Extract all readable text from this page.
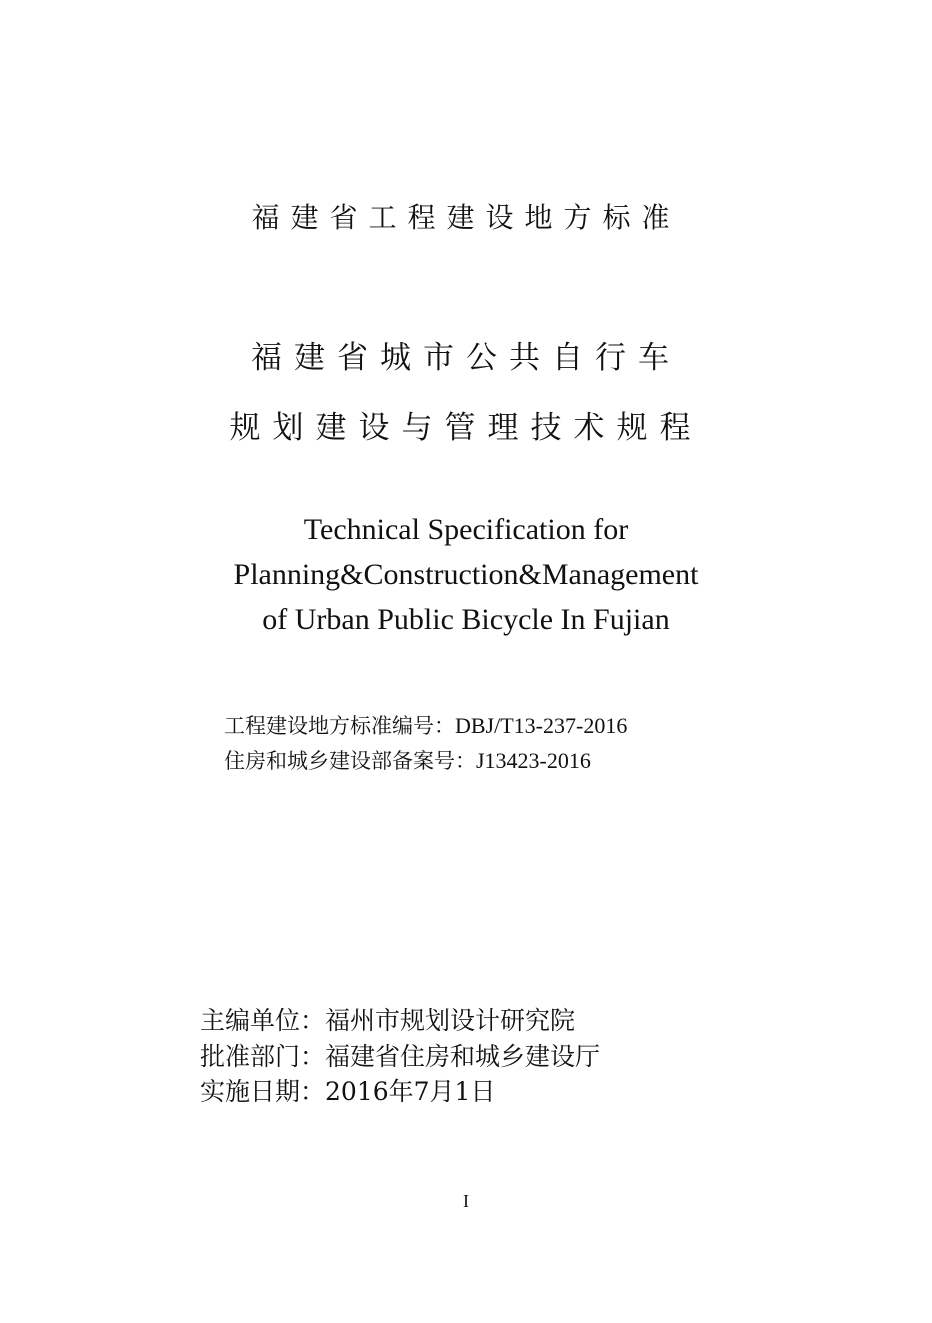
福建省工程建设地方标准
福建省城市公共自行车
规划建设与管理技术规程
Technical Specification for
Planning&Construction&Management
of Urban Public Bicycle In Fujian
工程建设地方标准编号：DBJ/T13-237-2016
住房和城乡建设部备案号：J13423-2016
主编单位：福州市规划设计研究院
批准部门：福建省住房和城乡建设厅
实施日期：2016年7月1日
I
